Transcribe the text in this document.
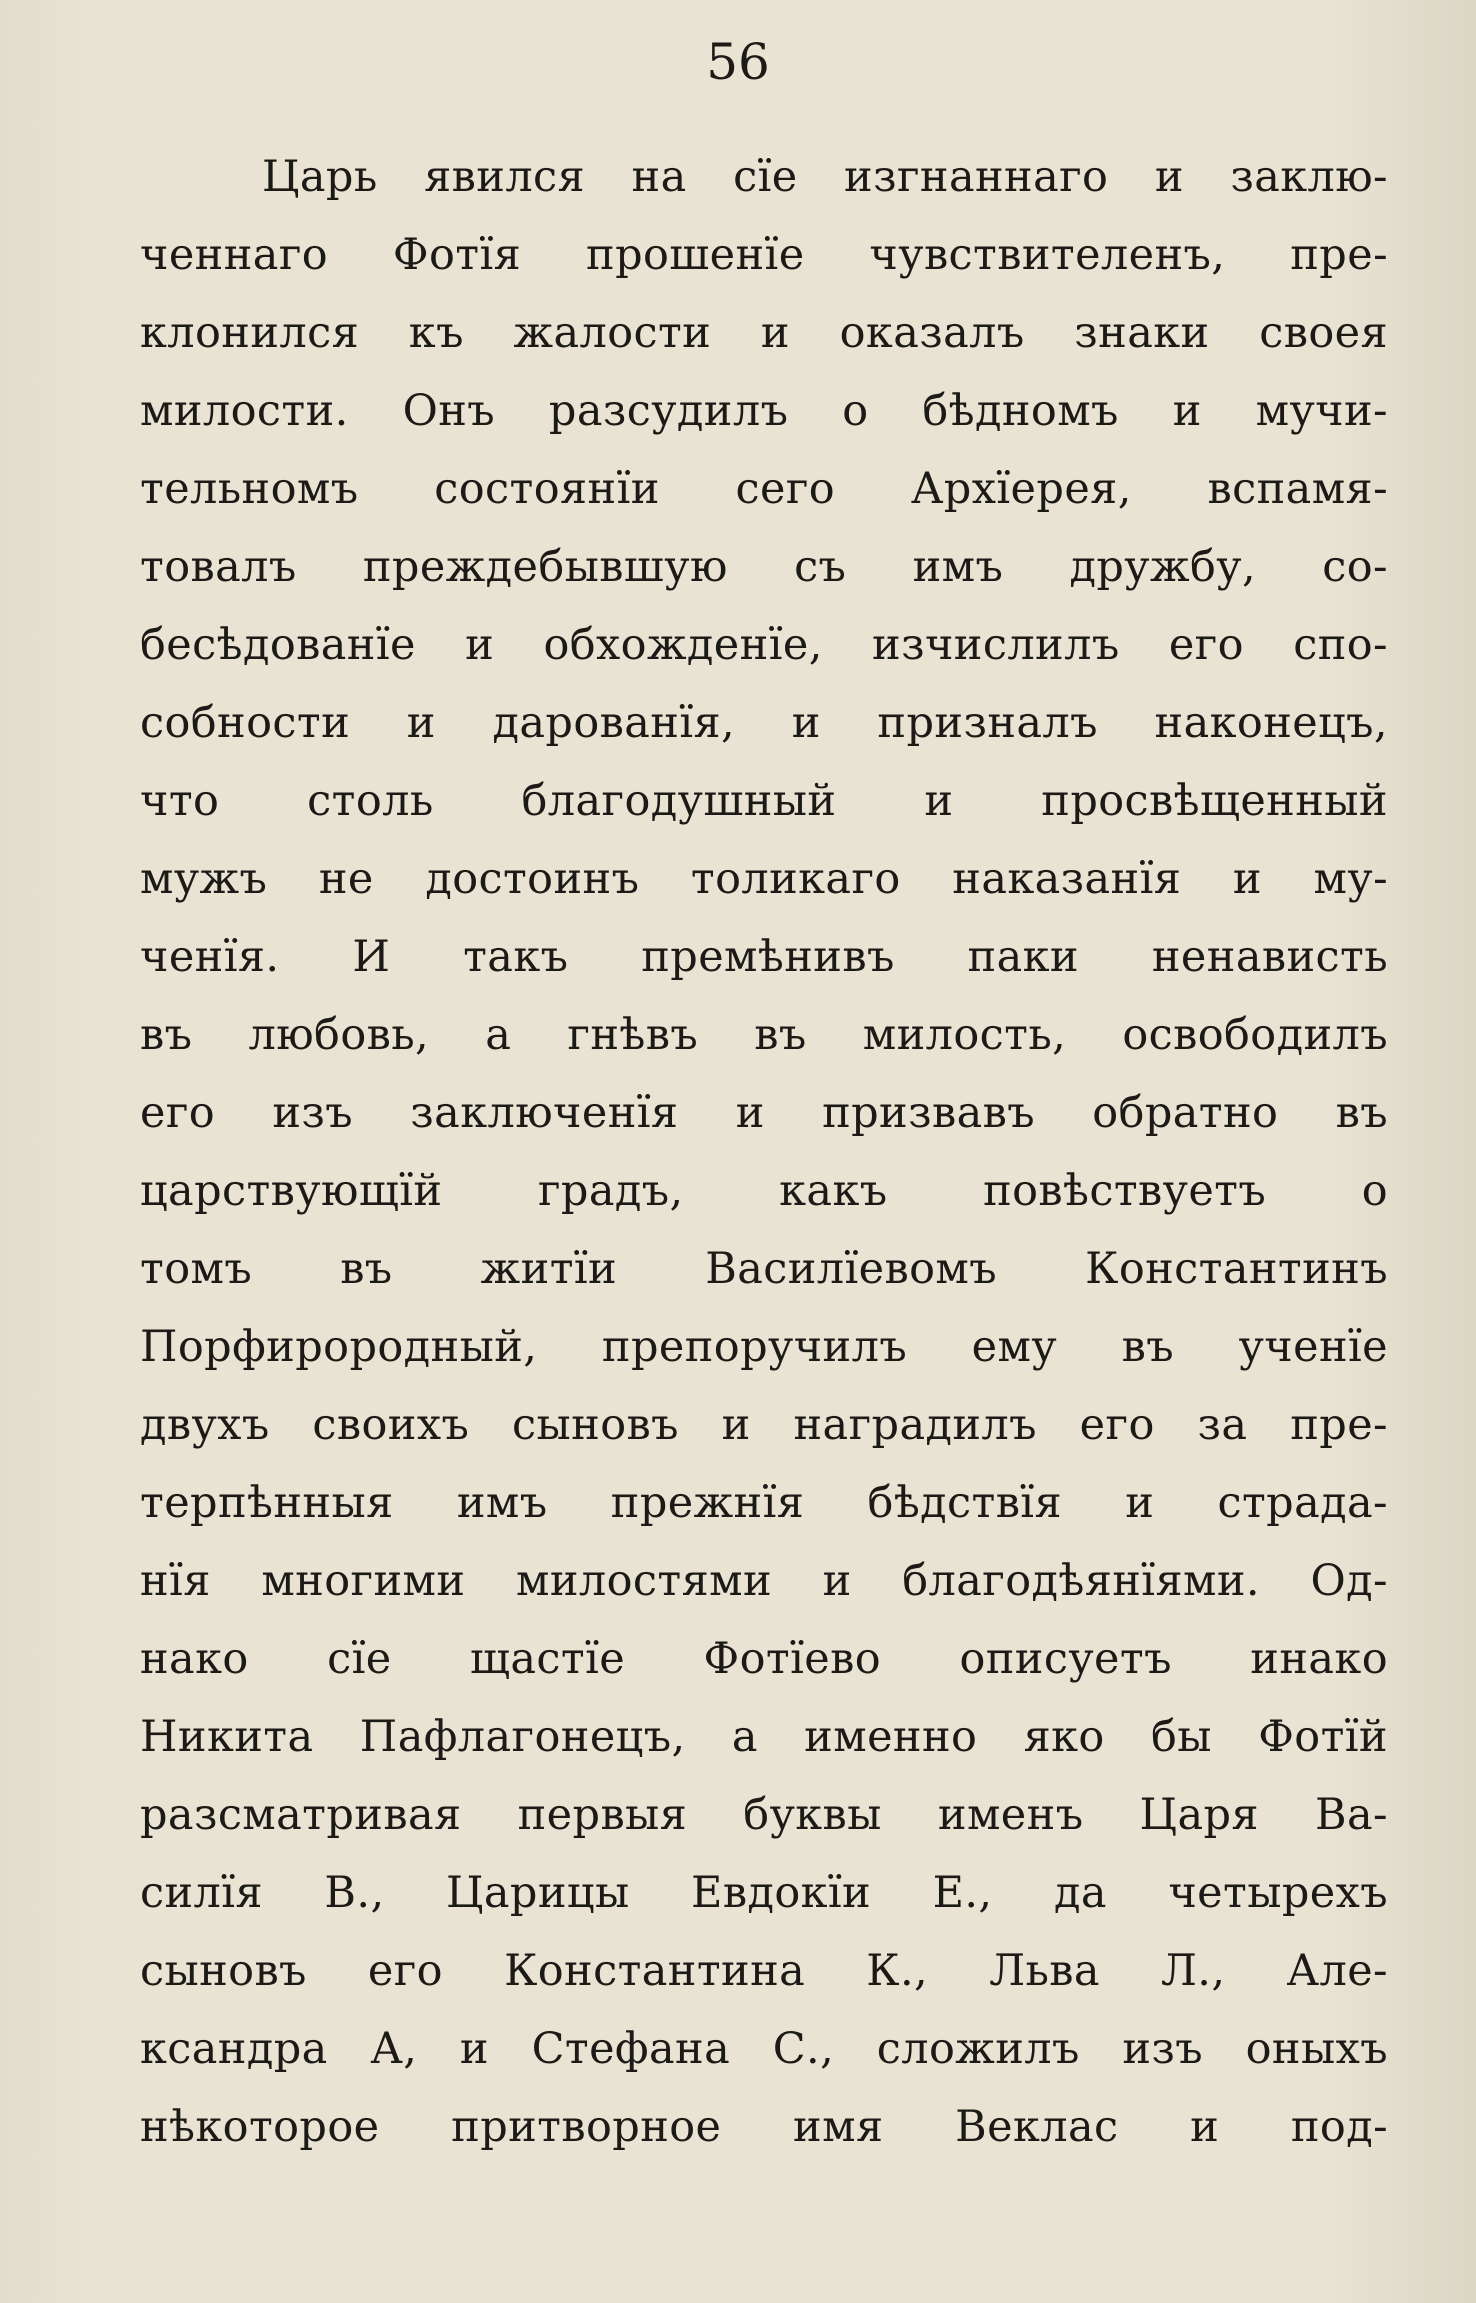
56
Царь явился на сїе изгнаннаго и заклю-
ченнаго Фотїя прошенїе чувствителенъ, пре-
клонился къ жалости и оказалъ знаки своея
милости. Онъ разсудилъ о бѣдномъ и мучи-
тельномъ состоянїи сего Архїерея, вспамя-
товалъ преждебывшую съ имъ дружбу, со-
бесѣдованїе и обхожденїе, изчислилъ его спо-
собности и дарованїя, и призналъ наконецъ,
что столь благодушный и просвѣщенный
мужъ не достоинъ толикаго наказанїя и му-
ченїя. И такъ премѣнивъ паки ненависть
въ любовь, а гнѣвъ въ милость, освободилъ
его изъ заключенїя и призвавъ обратно въ
царствующїй градъ, какъ повѣствуетъ о
томъ въ житїи Василїевомъ Константинъ
Порфирородный, препоручилъ ему въ ученїе
двухъ своихъ сыновъ и наградилъ его за пре-
терпѣнныя имъ прежнїя бѣдствїя и страда-
нїя многими милостями и благодѣянїями. Од-
нако сїе щастїе Фотїево описуетъ инако
Никита Пафлагонецъ, а именно яко бы Фотїй
разсматривая первыя буквы именъ Царя Ва-
силїя В., Царицы Евдокїи Е., да четырехъ
сыновъ его Константина К., Льва Л., Але-
ксандра А, и Стефана С., сложилъ изъ оныхъ
нѣкоторое притворное имя Веклас и под-
